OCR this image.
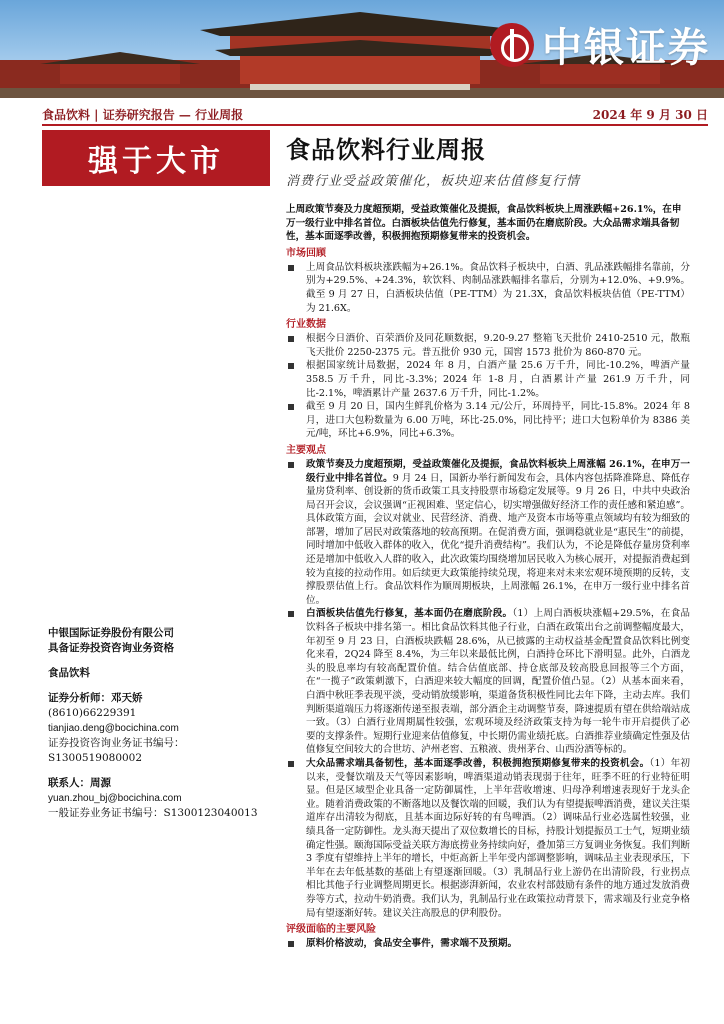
中银证券
食品饮料 | 证券研究报告 — 行业周报	2024 年 9 月 30 日
强于大市	食品饮料行业周报
消费行业受益政策催化，板块迎来估值修复行情
上周政策节奏及力度超预期，受益政策催化及提振，食品饮料板块上周涨跌幅+26.1%，在申万一级行业中排名首位。白酒板块估值先行修复，基本面仍在磨底阶段。大众品需求端具备韧性，基本面逐季改善，积极拥抱预期修复带来的投资机会。
市场回顾
上周食品饮料板块涨跌幅为+26.1%。食品饮料子板块中，白酒、乳品涨跌幅排名靠前，分别为+29.5%、+24.3%，软饮料、肉制品涨跌幅排名靠后，分别为+12.0%、+9.9%。截至 9 月 27 日，白酒板块估值（PE-TTM）为 21.3X，食品饮料板块估值（PE-TTM）为 21.6X。
行业数据
根据今日酒价、百荣酒价及同花顺数据，9.20-9.27 整箱飞天批价 2410-2510 元，散瓶飞天批价 2250-2375 元。普五批价 930 元，国窖 1573 批价为 860-870 元。
根据国家统计局数据，2024 年 8 月，白酒产量 25.6 万千升，同比-10.2%，啤酒产量 358.5 万千升，同比-3.3%；2024 年 1-8 月，白酒累计产量 261.9 万千升，同比-2.1%，啤酒累计产量 2637.6 万千升，同比-1.2%。
截至 9 月 20 日，国内生鲜乳价格为 3.14 元/公斤，环周持平，同比-15.8%。2024 年 8 月，进口大包粉数量为 6.00 万吨，环比-25.0%，同比持平；进口大包粉单价为 8386 美元/吨，环比+6.9%，同比+6.3%。
主要观点
政策节奏及力度超预期，受益政策催化及提振，食品饮料板块上周涨幅 26.1%，在申万一级行业中排名首位。9 月 24 日，国新办举行新闻发布会，具体内容包括降准降息、降低存量房贷利率、创设新的货币政策工具支持股票市场稳定发展等。9 月 26 日，中共中央政治局召开会议，会议强调“正视困难、坚定信心，切实增强做好经济工作的责任感和紧迫感”。具体政策方面，会议对就业、民营经济、消费、地产及资本市场等重点领域均有较为细致的部署，增加了居民对政策落地的较高预期。在促消费方面，强调稳就业是“惠民生”的前提，同时增加中低收入群体的收入，优化“提升消费结构”。我们认为，不论是降低存量房贷利率还是增加中低收入人群的收入，此次政策均围绕增加居民收入为核心展开，对提振消费起到较为直接的拉动作用。如后续更大政策能持续兑现，将迎来对未来宏观环境预期的反转，支撑股票估值上行。食品饮料作为顺周期板块，上周涨幅 26.1%，在申万一级行业中排名首位。
白酒板块估值先行修复，基本面仍在磨底阶段。（1）上周白酒板块涨幅+29.5%，在食品饮料各子板块中排名第一。相比食品饮料其他子行业，白酒在政策出台之前调整幅度最大，年初至 9 月 23 日，白酒板块跌幅 28.6%，从已披露的主动权益基金配置食品饮料比例变化来看，2Q24 降至 8.4%，为三年以来最低比例，白酒持仓环比下滑明显。此外，白酒龙头的股息率均有较高配置价值。结合估值底部、持仓底部及较高股息回报等三个方面，在“一揽子”政策刺激下，白酒迎来较大幅度的回调，配置价值凸显。（2）从基本面来看，白酒中秋旺季表现平淡，受动销放缓影响，渠道备货积极性同比去年下降，主动去库。我们判断渠道端压力将逐渐传递至报表端，部分酒企主动调整节奏，降速提质有望在供给端站成一致。（3）白酒行业周期属性较强，宏观环境及经济政策支持为每一轮牛市开启提供了必要的支撑条件。短期行业迎来估值修复，中长期仍需业绩托底。白酒推荐业绩确定性强及估值修复空间较大的合世坊、泸州老窖、五粮液、贵州茅台、山西汾酒等标的。
大众品需求端具备韧性，基本面逐季改善，积极拥抱预期修复带来的投资机会。（1）年初以来，受餐饮端及天气等因素影响，啤酒渠道动销表现弱于往年，旺季不旺的行业特征明显。但是区域型企业具备一定防御属性，上半年营收增速、归母净利增速表现好于龙头企业。随着消费政策的不断落地以及餐饮端的回暖，我们认为有望提振啤酒消费，建议关注渠道库存出清较为彻底，且基本面边际好转的有鸟啤酒。（2）调味品行业必选属性较强，业绩具备一定防御性。龙头海天提出了双位数增长的目标，持股计划提振员工士气，短期业绩确定性强。颐海国际受益关联方海底捞业务持续向好，叠加第三方复调业务恢复。我们判断 3 季度有望维持上半年的增长，中炬高新上半年受内部调整影响，调味品主业表现承压，下半年在去年低基数的基础上有望逐渐回暖。（3）乳制品行业上游仍在出清阶段，行业拐点相比其他子行业调整周期更长。根据澎湃新闻，农业农村部鼓励有条件的地方通过发放消费券等方式，拉动牛奶消费。我们认为，乳制品行业在政策拉动背景下，需求端及行业竞争格局有望逐渐好转。建议关注高股息的伊利股份。
评级面临的主要风险
原料价格波动，食品安全事件，需求端不及预期。
中银国际证券股份有限公司
具备证券投资咨询业务资格
食品饮料
证券分析师：邓天娇
(8610)66229391
tianjiao.deng@bocichina.com
证券投资咨询业务证书编号：S1300519080002
联系人：周源
yuan.zhou_bj@bocichina.com
一般证券业务证书编号：S1300123040013
